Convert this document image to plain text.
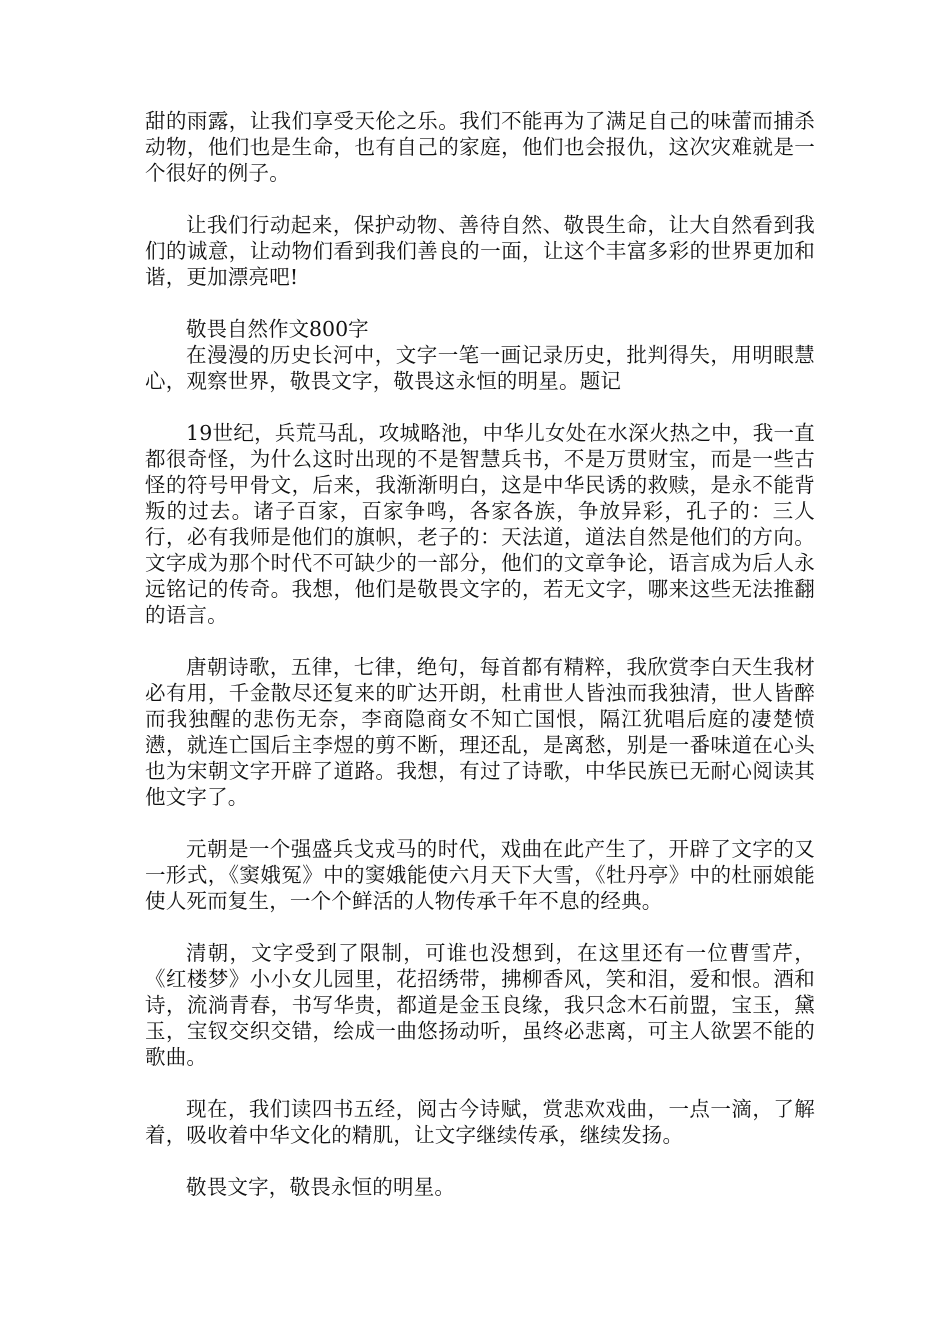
甜的雨露，让我们享受天伦之乐。我们不能再为了满足自己的味蕾而捕杀动物，他们也是生命，也有自己的家庭，他们也会报仇，这次灾难就是一个很好的例子。

让我们行动起来，保护动物、善待自然、敬畏生命，让大自然看到我们的诚意，让动物们看到我们善良的一面，让这个丰富多彩的世界更加和谐，更加漂亮吧!

敬畏自然作文800字

在漫漫的历史长河中，文字一笔一画记录历史，批判得失，用明眼慧心，观察世界，敬畏文字，敬畏这永恒的明星。题记

19世纪，兵荒马乱，攻城略池，中华儿女处在水深火热之中，我一直都很奇怪，为什么这时出现的不是智慧兵书，不是万贯财宝，而是一些古怪的符号甲骨文，后来，我渐渐明白，这是中华民诱的救赎，是永不能背叛的过去。诸子百家，百家争鸣，各家各族，争放异彩，孔子的：三人行，必有我师是他们的旗帜，老子的：天法道，道法自然是他们的方向。文字成为那个时代不可缺少的一部分，他们的文章争论，语言成为后人永远铭记的传奇。我想，他们是敬畏文字的，若无文字，哪来这些无法推翻的语言。

唐朝诗歌，五律，七律，绝句，每首都有精粹，我欣赏李白天生我材必有用，千金散尽还复来的旷达开朗，杜甫世人皆浊而我独清，世人皆醉而我独醒的悲伤无奈，李商隐商女不知亡国恨，隔江犹唱后庭的凄楚愤懑，就连亡国后主李煜的剪不断，理还乱，是离愁，别是一番味道在心头也为宋朝文字开辟了道路。我想，有过了诗歌，中华民族已无耐心阅读其他文字了。

元朝是一个强盛兵戈戎马的时代，戏曲在此产生了，开辟了文字的又一形式，《窦娥冤》中的窦娥能使六月天下大雪，《牡丹亭》中的杜丽娘能使人死而复生，一个个鲜活的人物传承千年不息的经典。

清朝，文字受到了限制，可谁也没想到，在这里还有一位曹雪芹，《红楼梦》小小女儿园里，花招绣带，拂柳香风，笑和泪，爱和恨。酒和诗，流淌青春，书写华贵，都道是金玉良缘，我只念木石前盟，宝玉，黛玉，宝钗交织交错，绘成一曲悠扬动听，虽终必悲离，可主人欲罢不能的歌曲。

现在，我们读四书五经，阅古今诗赋，赏悲欢戏曲，一点一滴，了解着，吸收着中华文化的精肌，让文字继续传承，继续发扬。

敬畏文字，敬畏永恒的明星。
